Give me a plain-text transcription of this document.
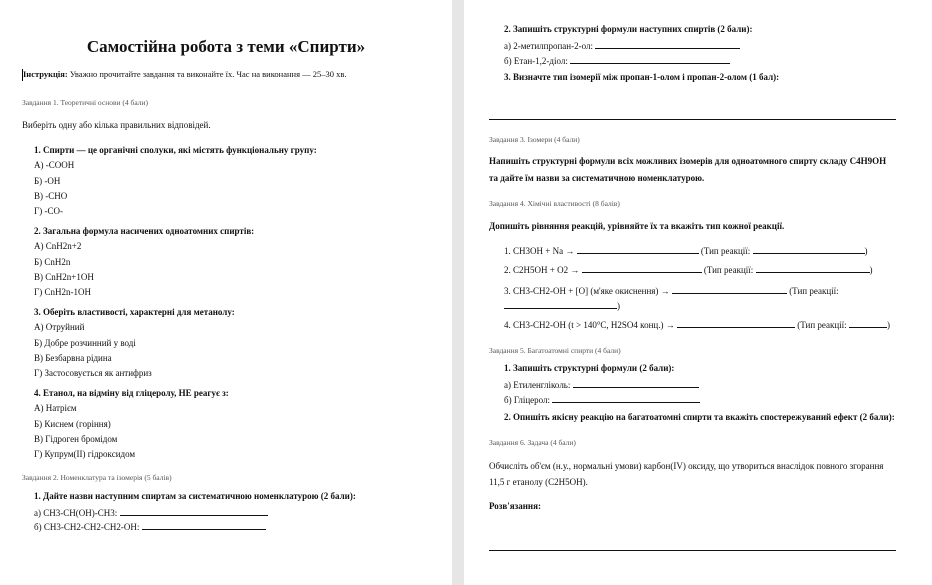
Самостійна робота з теми «Спирти»
Інструкція: Уважно прочитайте завдання та виконайте їх. Час на виконання — 25–30 хв.
Завдання 1. Теоретичні основи (4 бали)
Виберіть одну або кілька правильних відповідей.
1. Спирти — це органічні сполуки, які містять функціональну групу:
А) -COOH
Б) -OH
В) -CHO
Г) -CO-
2. Загальна формула насичених одноатомних спиртів:
А) CnH2n+2
Б) CnH2n
В) CnH2n+1OH
Г) CnH2n-1OH
3. Оберіть властивості, характерні для метанолу:
А) Отруйний
Б) Добре розчинний у воді
В) Безбарвна рідина
Г) Застосовується як антифриз
4. Етанол, на відміну від гліцеролу, НЕ реагує з:
А) Натрієм
Б) Киснем (горіння)
В) Гідроген бромідом
Г) Купрум(ІІ) гідроксидом
Завдання 2. Номенклатура та ізомерія (5 балів)
1. Дайте назви наступним спиртам за систематичною номенклатурою (2 бали):
а) CH3-CH(OH)-CH3:
б) CH3-CH2-CH2-CH2-OH:
2. Запишіть структурні формули наступних спиртів (2 бали):
а) 2-метилпропан-2-ол:
б) Етан-1,2-діол:
3. Визначте тип ізомерії між пропан-1-олом і пропан-2-олом (1 бал):
Завдання 3. Ізомери (4 бали)
Напишіть структурні формули всіх можливих ізомерів для одноатомного спирту складу C4H9OH
та дайте їм назви за систематичною номенклатурою.
Завдання 4. Хімічні властивості (8 балів)
Допишіть рівняння реакцій, урівняйте їх та вкажіть тип кожної реакції.
1. CH3OH + Na →	(Тип реакції:	)
2. C2H5OH + O2 →	(Тип реакції:	)
3. CH3-CH2-OH + [O] (м'яке окиснення) →	(Тип реакції:
)
4. CH3-CH2-OH (t > 140°C, H2SO4 конц.) →	(Тип реакції:	)
Завдання 5. Багатоатомні спирти (4 бали)
1. Запишіть структурні формули (2 бали):
а) Етиленгліколь:
б) Гліцерол:
2. Опишіть якісну реакцію на багатоатомні спирти та вкажіть спостережуваний ефект (2 бали):
Завдання 6. Задача (4 бали)
Обчисліть об'єм (н.у., нормальні умови) карбон(IV) оксиду, що утвориться внаслідок повного згорання
11,5 г етанолу (C2H5OH).
Розв'язання:
